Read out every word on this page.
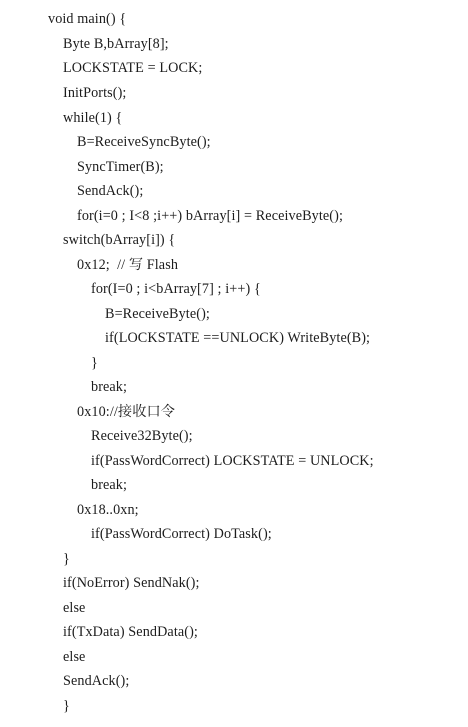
void main() {
Byte B,bArray[8];
LOCKSTATE = LOCK;
InitPorts();
while(1) {
B=ReceiveSyncByte();
SyncTimer(B);
SendAck();
for(i=0 ; I<8 ;i++) bArray[i] = ReceiveByte();
switch(bArray[i]) {
0x12;  // 写 Flash
for(I=0 ; i<bArray[7] ; i++) {
B=ReceiveByte();
if(LOCKSTATE ==UNLOCK) WriteByte(B);
}
break;
0x10://接收口令
Receive32Byte();
if(PassWordCorrect) LOCKSTATE = UNLOCK;
break;
0x18..0xn;
if(PassWordCorrect) DoTask();
}
if(NoError) SendNak();
else
if(TxData) SendData();
else
SendAck();
}
